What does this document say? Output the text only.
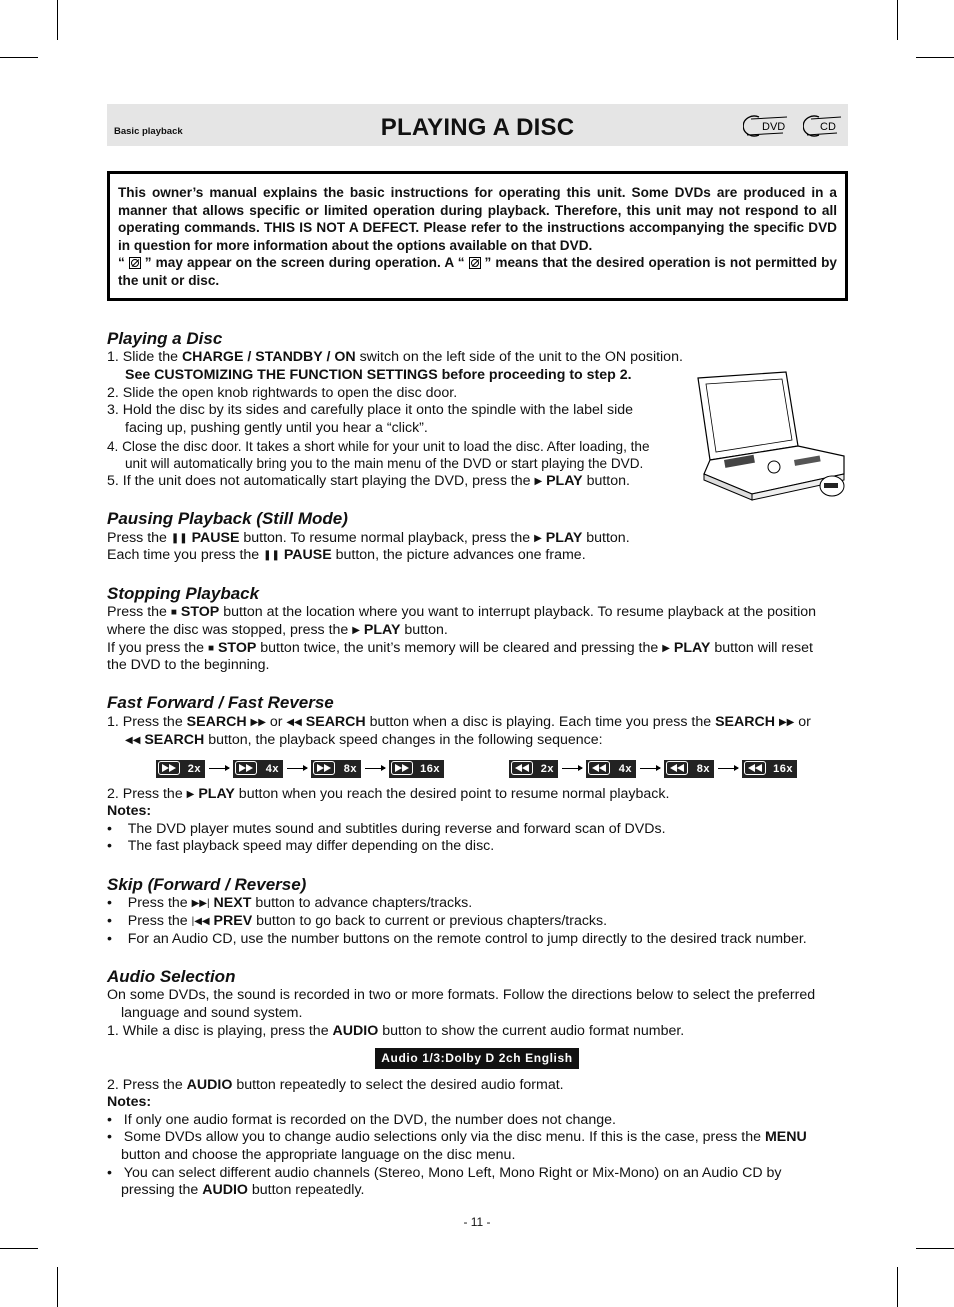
Basic playback	PLAYING A DISC	DVD	CD

This owner’s manual explains the basic instructions for operating this unit. Some DVDs are produced in a manner that allows specific or limited operation during playback. Therefore, this unit may not respond to all operating commands. THIS IS NOT A DEFECT. Please refer to the instructions accompanying the specific DVD in question for more information about the options available on that DVD.

“ ” may appear on the screen during operation. A “ ” means that the desired operation is not permitted by the unit or disc.

Playing a Disc
1. Slide the CHARGE / STANDBY / ON switch on the left side of the unit to the ON position.
See CUSTOMIZING THE FUNCTION SETTINGS before proceeding to step 2.
2. Slide the open knob rightwards to open the disc door.
3. Hold the disc by its sides and carefully place it onto the spindle with the label side
facing up, pushing gently until you hear a “click”.
4. Close the disc door. It takes a short while for your unit to load the disc. After loading, the
unit will automatically bring you to the main menu of the DVD or start playing the DVD.
5. If the unit does not automatically start playing the DVD, press the ▶ PLAY button.
Pausing Playback (Still Mode)
Press the ❚❚ PAUSE button. To resume normal playback, press the ▶ PLAY button.
Each time you press the ❚❚ PAUSE button, the picture advances one frame.
Stopping Playback
Press the ■ STOP button at the location where you want to interrupt playback. To resume playback at the position
where the disc was stopped, press the ▶ PLAY button.
If you press the ■ STOP button twice, the unit’s memory will be cleared and pressing the ▶ PLAY button will reset
the DVD to the beginning.
Fast Forward / Fast Reverse
1. Press the SEARCH ▶▶ or ◀◀ SEARCH button when a disc is playing. Each time you press the SEARCH ▶▶ or
◀◀ SEARCH button, the playback speed changes in the following sequence:
2x	4x	8x	16x	2x	4x	8x	16x
2. Press the ▶ PLAY button when you reach the desired point to resume normal playback.
Notes:
•    The DVD player mutes sound and subtitles during reverse and forward scan of DVDs.
•    The fast playback speed may differ depending on the disc.
Skip (Forward / Reverse)
•    Press the ▶▶| NEXT button to advance chapters/tracks.
•    Press the |◀◀ PREV button to go back to current or previous chapters/tracks.
•    For an Audio CD, use the number buttons on the remote control to jump directly to the desired track number.
Audio Selection
On some DVDs, the sound is recorded in two or more formats. Follow the directions below to select the preferred
language and sound system.
1. While a disc is playing, press the AUDIO button to show the current audio format number.
Audio 1/3:Dolby D 2ch English
2. Press the AUDIO button repeatedly to select the desired audio format.
Notes:
•   If only one audio format is recorded on the DVD, the number does not change.
•   Some DVDs allow you to change audio selections only via the disc menu. If this is the case, press the MENU
button and choose the appropriate language on the disc menu.
•   You can select different audio channels (Stereo, Mono Left, Mono Right or Mix-Mono) on an Audio CD by
pressing the AUDIO button repeatedly.
- 11 -
